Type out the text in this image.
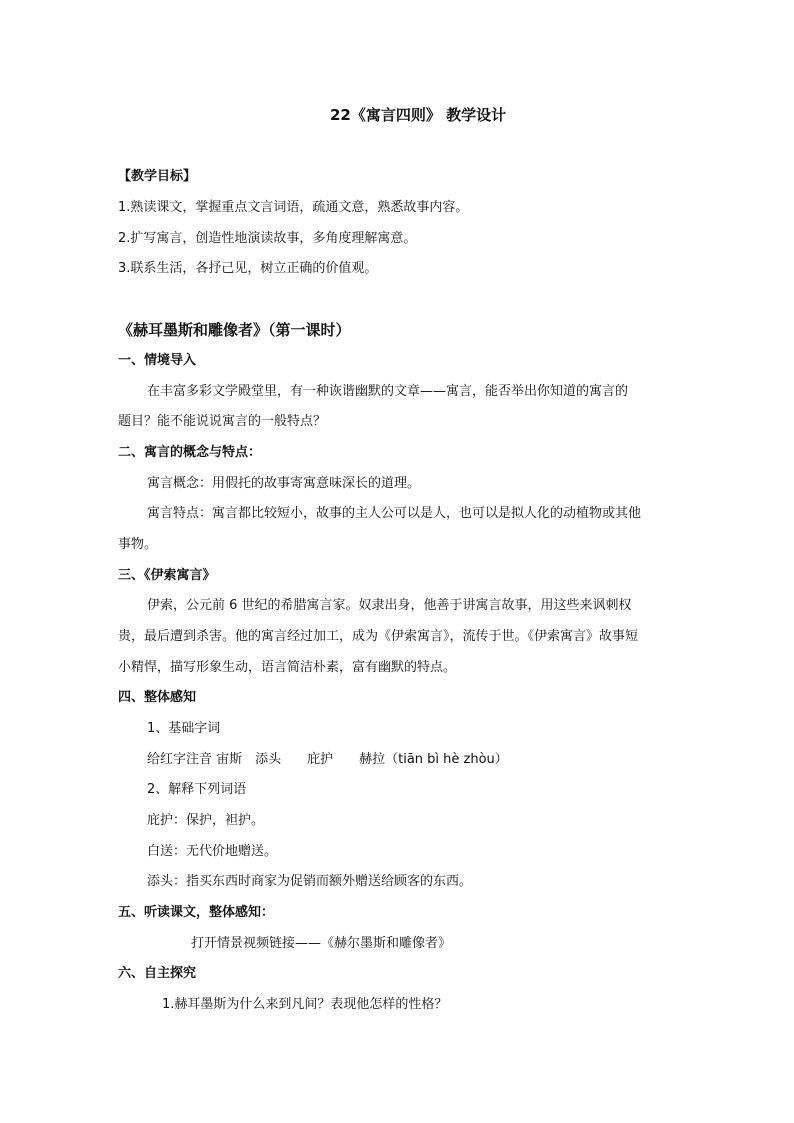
22《寓言四则》 教学设计
【教学目标】
1.熟读课文，掌握重点文言词语，疏通文意，熟悉故事内容。
2.扩写寓言，创造性地演读故事，多角度理解寓意。
3.联系生活，各抒己见，树立正确的价值观。
《赫耳墨斯和雕像者》（第一课时）
一、情境导入
在丰富多彩文学殿堂里，有一种诙谐幽默的文章——寓言，能否举出你知道的寓言的
题目？能不能说说寓言的一般特点？
二、寓言的概念与特点：
寓言概念：用假托的故事寄寓意味深长的道理。
寓言特点：寓言都比较短小，故事的主人公可以是人，也可以是拟人化的动植物或其他
事物。
三、《伊索寓言》
伊索，公元前 6 世纪的希腊寓言家。奴隶出身，他善于讲寓言故事，用这些来讽刺权
贵，最后遭到杀害。他的寓言经过加工，成为《伊索寓言》，流传于世。《伊索寓言》故事短
小精悍，描写形象生动，语言简洁朴素，富有幽默的特点。
四、整体感知
1、基础字词
给红字注音 宙斯　添头　　庇护　　赫拉（tiān bì hè zhòu）
2、解释下列词语
庇护：保护，袒护。
白送：无代价地赠送。
添头：指买东西时商家为促销而额外赠送给顾客的东西。
五、听读课文，整体感知：
打开情景视频链接——《赫尔墨斯和雕像者》
六、自主探究
1.赫耳墨斯为什么来到凡间？表现他怎样的性格？
